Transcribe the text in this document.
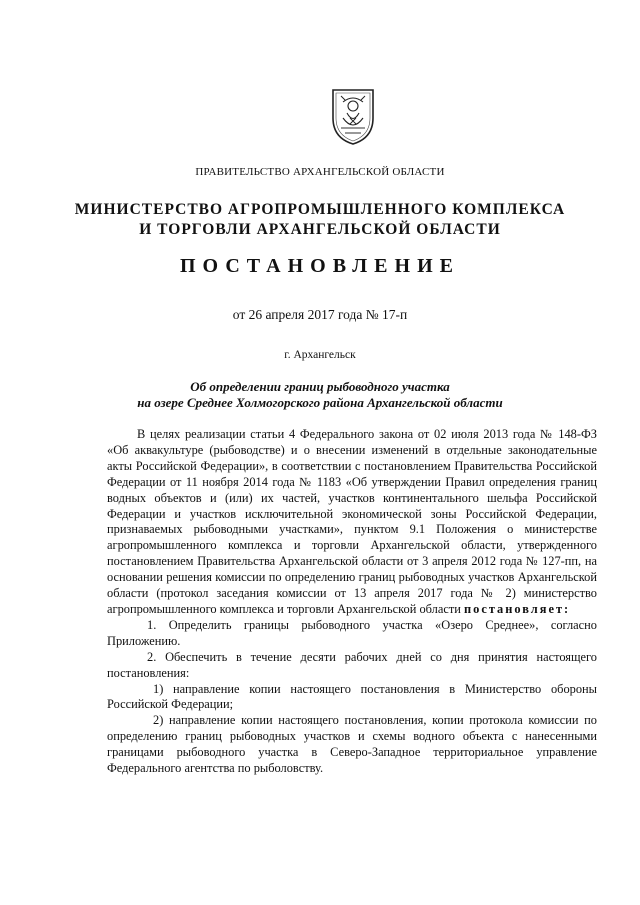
ПРАВИТЕЛЬСТВО АРХАНГЕЛЬСКОЙ ОБЛАСТИ
МИНИСТЕРСТВО АГРОПРОМЫШЛЕННОГО КОМПЛЕКСА
И ТОРГОВЛИ АРХАНГЕЛЬСКОЙ ОБЛАСТИ
ПОСТАНОВЛЕНИЕ
от 26 апреля 2017 года № 17-п
г. Архангельск
Об определении границ рыбоводного участка
на озере Среднее Холмогорского района Архангельской области

В целях реализации статьи 4 Федерального закона от 02 июля 2013 года № 148-ФЗ «Об аквакультуре (рыбоводстве) и о внесении изменений в отдельные законодательные акты Российской Федерации», в соответствии с постановлением Правительства Российской Федерации от 11 ноября 2014 года № 1183 «Об утверждении Правил определения границ водных объектов и (или) их частей, участков континентального шельфа Российской Федерации и участков исключительной экономической зоны Российской Федерации, признаваемых рыбоводными участками», пунктом 9.1 Положения о министерстве агропромышленного комплекса и торговли Архангельской области, утвержденного постановлением Правительства Архангельской области от 3 апреля 2012 года № 127-пп, на основании решения комиссии по определению границ рыбоводных участков Архангельской области (протокол заседания комиссии от 13 апреля 2017 года № 2) министерство агропромышленного комплекса и торговли Архангельской области постановляет:

1. Определить границы рыбоводного участка «Озеро Среднее», согласно Приложению.

2. Обеспечить в течение десяти рабочих дней со дня принятия настоящего постановления:

1) направление копии настоящего постановления в Министерство обороны Российской Федерации;

2) направление копии настоящего постановления, копии протокола комиссии по определению границ рыбоводных участков и схемы водного объекта с нанесенными границами рыбоводного участка в Северо-Западное территориальное управление Федерального агентства по рыболовству.
